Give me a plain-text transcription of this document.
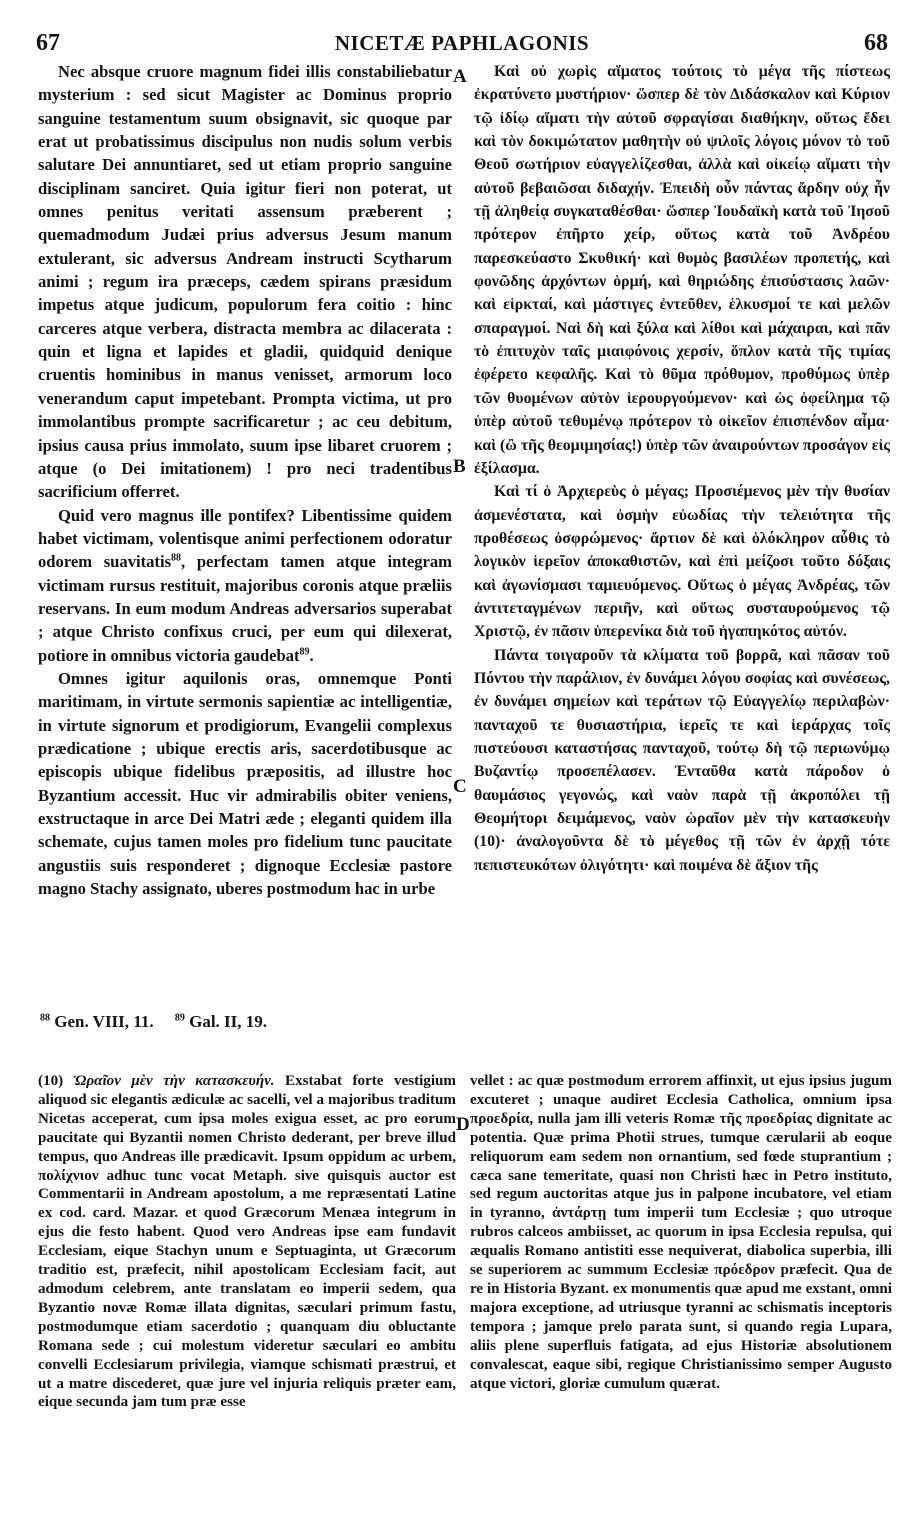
67	NICETÆ PAPHLAGONIS	68
A
B
C
D

Nec absque cruore magnum fidei illis constabiliebatur mysterium : sed sicut Magister ac Dominus proprio sanguine testamentum suum obsignavit, sic quoque par erat ut probatissimus discipulus non nudis solum verbis salutare Dei annuntiaret, sed ut etiam proprio sanguine disciplinam sanciret. Quia igitur fieri non poterat, ut omnes penitus veritati assensum præberent ; quemadmodum Judæi prius adversus Jesum manum extulerant, sic adversus Andream instructi Scytharum animi ; regum ira præceps, cædem spirans præsidum impetus atque judicum, populorum fera coitio : hinc carceres atque verbera, distracta membra ac dilacerata : quin et ligna et lapides et gladii, quidquid denique cruentis hominibus in manus venisset, armorum loco venerandum caput impetebant. Prompta victima, ut pro immolantibus prompte sacrificaretur ; ac ceu debitum, ipsius causa prius immolato, suum ipse libaret cruorem ; atque (o Dei imitationem) ! pro neci tradentibus sacrificium offerret.

Quid vero magnus ille pontifex? Libentissime quidem habet victimam, volentisque animi perfectionem odoratur odorem suavitatis$^{88}$, perfectam tamen atque integram victimam rursus restituit, majoribus coronis atque præliis reservans. In eum modum Andreas adversarios superabat ; atque Christo confixus cruci, per eum qui dilexerat, potiore in omnibus victoria gaudebat$^{89}$.

Omnes igitur aquilonis oras, omnemque Ponti maritimam, in virtute sermonis sapientiæ ac intelligentiæ, in virtute signorum et prodigiorum, Evangelii complexus prædicatione ; ubique erectis aris, sacerdotibusque ac episcopis ubique fidelibus præpositis, ad illustre hoc Byzantium accessit. Huc vir admirabilis obiter veniens, exstructaque in arce Dei Matri æde ; eleganti quidem illa schemate, cujus tamen moles pro fidelium tunc paucitate angustiis suis responderet ; dignoque Ecclesiæ pastore magno Stachy assignato, uberes postmodum hac in urbe

Καὶ οὐ χωρὶς αἵματος τούτοις τὸ μέγα τῆς πίστεως ἐκρατύνετο μυστήριον· ὥσπερ δὲ τὸν Διδάσκαλον καὶ Κύριον τῷ ἰδίῳ αἵματι τὴν αὐτοῦ σφραγίσαι διαθήκην, οὕτως ἔδει καὶ τὸν δοκιμώτατον μαθητὴν οὐ ψιλοῖς λόγοις μόνον τὸ τοῦ Θεοῦ σωτήριον εὐαγγελίζεσθαι, ἀλλὰ καὶ οἰκείῳ αἵματι τὴν αὐτοῦ βεβαιῶσαι διδαχήν. Ἐπειδὴ οὖν πάντας ἄρδην οὐχ ἦν τῇ ἀληθείᾳ συγκαταθέσθαι· ὥσπερ Ἰουδαϊκὴ κατὰ τοῦ Ἰησοῦ πρότερον ἐπῆρτο χείρ, οὕτως κατὰ τοῦ Ἀνδρέου παρεσκεύαστο Σκυθική· καὶ θυμὸς βασιλέων προπετής, καὶ φονῶδης ἀρχόντων ὁρμή, καὶ θηριώδης ἐπισύστασις λαῶν· καὶ εἱρκταί, καὶ μάστιγες ἐντεῦθεν, ἑλκυσμοί τε καὶ μελῶν σπαραγμοί. Ναὶ δὴ καὶ ξύλα καὶ λίθοι καὶ μάχαιραι, καὶ πᾶν τὸ ἐπιτυχὸν ταῖς μιαιφόνοις χερσίν, ὅπλον κατὰ τῆς τιμίας ἐφέρετο κεφαλῆς. Καὶ τὸ θῦμα πρόθυμον, προθύμως ὑπὲρ τῶν θυομένων αὐτὸν ἱερουργούμενον· καὶ ὡς ὀφείλημα τῷ ὑπὲρ αὐτοῦ τεθυμένῳ πρότερον τὸ οἰκεῖον ἐπισπένδον αἷμα· καὶ (ὢ τῆς θεομιμησίας!) ὑπὲρ τῶν ἀναιρούντων προσάγον εἰς ἐξίλασμα.

Καὶ τί ὁ Ἀρχιερεὺς ὁ μέγας; Προσιέμενος μὲν τὴν θυσίαν ἀσμενέστατα, καὶ ὀσμὴν εὐωδίας τὴν τελειότητα τῆς προθέσεως ὀσφρώμενος· ἄρτιον δὲ καὶ ὁλόκληρον αὖθις τὸ λογικὸν ἱερεῖον ἀποκαθιστῶν, καὶ ἐπὶ μείζοσι τοῦτο δόξαις καὶ ἀγωνίσμασι ταμιευόμενος. Οὕτως ὁ μέγας Ἀνδρέας, τῶν ἀντιτεταγμένων περιῆν, καὶ οὕτως συσταυρούμενος τῷ Χριστῷ, ἐν πᾶσιν ὑπερενίκα διὰ τοῦ ἠγαπηκότος αὐτόν.

Πάντα τοιγαροῦν τὰ κλίματα τοῦ βορρᾶ, καὶ πᾶσαν τοῦ Πόντου τὴν παράλιον, ἐν δυνάμει λόγου σοφίας καὶ συνέσεως, ἐν δυνάμει σημείων καὶ τεράτων τῷ Εὐαγγελίῳ περιλαβὼν· πανταχοῦ τε θυσιαστήρια, ἱερεῖς τε καὶ ἱεράρχας τοῖς πιστεύουσι καταστήσας πανταχοῦ, τούτῳ δὴ τῷ περιωνύμῳ Βυζαντίῳ προσεπέλασεν. Ἐνταῦθα κατὰ πάροδον ὁ θαυμάσιος γεγονώς, καὶ ναὸν παρὰ τῇ ἀκροπόλει τῇ Θεομήτορι δειμάμενος, ναὸν ὡραῖον μὲν τὴν κατασκευὴν (10)· ἀναλογοῦντα δὲ τὸ μέγεθος τῇ τῶν ἐν ἀρχῇ τότε πεπιστευκότων ὀλιγότητι· καὶ ποιμένα δὲ ἄξιον τῆς

$^{88}$ Gen. VIII, 11. $^{89}$ Gal. II, 19.

(10) Ὡραῖον μὲν τὴν κατασκευήν. Exstabat forte vestigium aliquod sic elegantis ædiculæ ac sacelli, vel a majoribus traditum Nicetas acceperat, cum ipsa moles exigua esset, ac pro eorum paucitate qui Byzantii nomen Christo dederant, per breve illud tempus, quo Andreas ille prædicavit. Ipsum oppidum ac urbem, πολίχνιον adhuc tunc vocat Metaph. sive quisquis auctor est Commentarii in Andream apostolum, a me repræsentati Latine ex cod. card. Mazar. et quod Græcorum Menæa integrum in ejus die festo habent. Quod vero Andreas ipse eam fundavit Ecclesiam, eique Stachyn unum e Septuaginta, ut Græcorum traditio est, præfecit, nihil apostolicam Ecclesiam facit, aut admodum celebrem, ante translatam eo imperii sedem, qua Byzantio novæ Romæ illata dignitas, sæculari primum fastu, postmodumque etiam sacerdotio ; quanquam diu obluctante Romana sede ; cui molestum videretur sæculari eo ambitu convelli Ecclesiarum privilegia, viamque schismati præstrui, et ut a matre discederet, quæ jure vel injuria reliquis præter eam, eique secunda jam tum præ esse

vellet : ac quæ postmodum errorem affinxit, ut ejus ipsius jugum excuteret ; unaque audiret Ecclesia Catholica, omnium ipsa προεδρία, nulla jam illi veteris Romæ τῆς προεδρίας dignitate ac potentia. Quæ prima Photii strues, tumque cærularii ab eoque reliquorum eam sedem non ornantium, sed fœde stuprantium ; cæca sane temeritate, quasi non Christi hæc in Petro instituto, sed regum auctoritas atque jus in palpone incubatore, vel etiam in tyranno, ἀντάρτῃ tum imperii tum Ecclesiæ ; quo utroque rubros calceos ambiisset, ac quorum in ipsa Ecclesia repulsa, qui æqualis Romano antistiti esse nequiverat, diabolica superbia, illi se superiorem ac summum Ecclesiæ πρόεδρον præfecit. Qua de re in Historia Byzant. ex monumentis quæ apud me exstant, omni majora exceptione, ad utriusque tyranni ac schismatis inceptoris tempora ; jamque prelo parata sunt, si quando regia Lupara, aliis plene superfluis fatigata, ad ejus Historiæ absolutionem convalescat, eaque sibi, regique Christianissimo semper Augusto atque victori, gloriæ cumulum quærat.
